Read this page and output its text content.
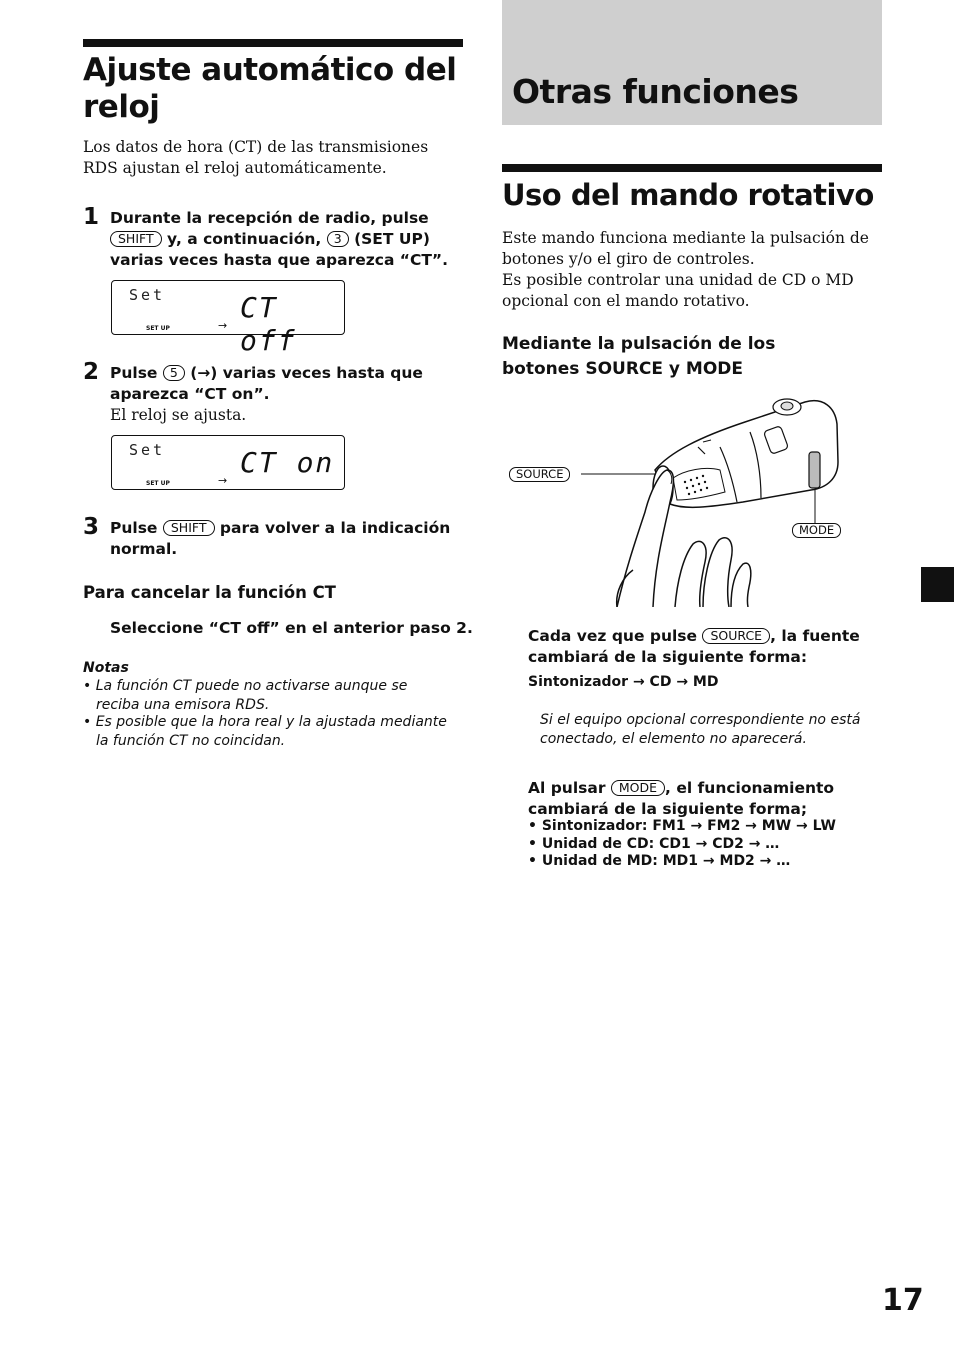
Ajuste automático del reloj

Los datos de hora (CT) de las transmisiones RDS ajustan el reloj automáticamente.

1 Durante la recepción de radio, pulse
SHIFT y, a continuación, 3 (SET UP)
varias veces hasta que aparezca “CT”.
Set	CT off
SET UP	→
2 Pulse 5 (→) varias veces hasta que
aparezca “CT on”.
El reloj se ajusta.
Set	CT on
SET UP	→
3 Pulse SHIFT para volver a la indicación
normal.
Para cancelar la función CT
Seleccione “CT off” en el anterior paso 2.
Notas
• La función CT puede no activarse aunque se
reciba una emisora RDS.
• Es posible que la hora real y la ajustada mediante
la función CT no coincidan.
Otras funciones
Uso del mando rotativo
Este mando funciona mediante la pulsación de
botones y/o el giro de controles.
Es posible controlar una unidad de CD o MD
opcional con el mando rotativo.
Mediante la pulsación de los
botones SOURCE y MODE
SOURCE
MODE
Cada vez que pulse SOURCE , la fuente
cambiará de la siguiente forma:
Sintonizador → CD → MD
Si el equipo opcional correspondiente no está
conectado, el elemento no aparecerá.
Al pulsar MODE , el funcionamiento
cambiará de la siguiente forma;
• Sintonizador: FM1 → FM2 → MW → LW
• Unidad de CD: CD1 → CD2 → …
• Unidad de MD: MD1 → MD2 → …
17
